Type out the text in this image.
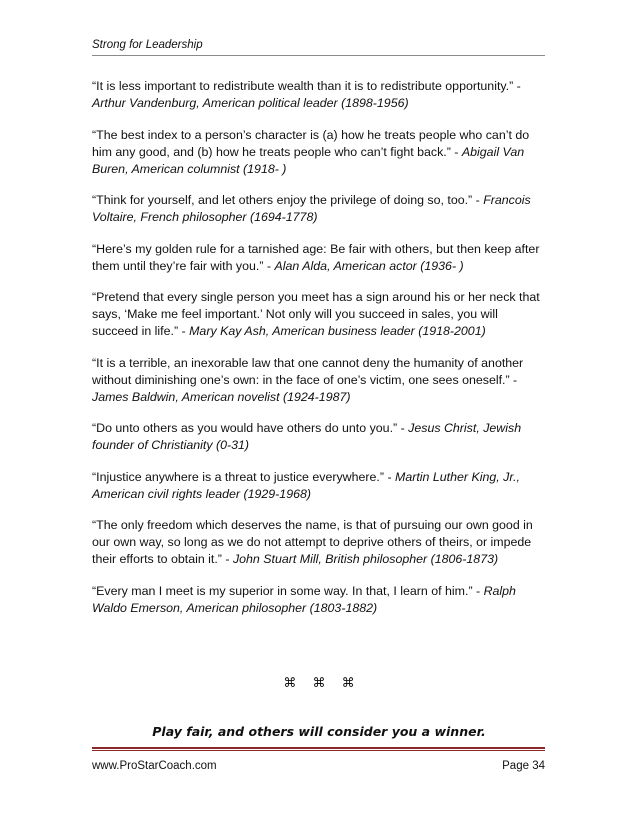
Strong for Leadership

“It is less important to redistribute wealth than it is to redistribute opportunity.” - Arthur Vandenburg, American political leader (1898-1956)

“The best index to a person’s character is (a) how he treats people who can’t do him any good, and (b) how he treats people who can’t fight back.” - Abigail Van Buren, American columnist (1918- )

“Think for yourself, and let others enjoy the privilege of doing so, too.” - Francois Voltaire, French philosopher (1694-1778)

“Here’s my golden rule for a tarnished age: Be fair with others, but then keep after them until they’re fair with you.” - Alan Alda, American actor (1936- )

“Pretend that every single person you meet has a sign around his or her neck that says, ‘Make me feel important.’ Not only will you succeed in sales, you will succeed in life.” - Mary Kay Ash, American business leader (1918-2001)

“It is a terrible, an inexorable law that one cannot deny the humanity of another without diminishing one’s own: in the face of one’s victim, one sees oneself.” - James Baldwin, American novelist (1924-1987)

“Do unto others as you would have others do unto you.” - Jesus Christ, Jewish founder of Christianity (0-31)

“Injustice anywhere is a threat to justice everywhere.” - Martin Luther King, Jr., American civil rights leader (1929-1968)

“The only freedom which deserves the name, is that of pursuing our own good in our own way, so long as we do not attempt to deprive others of theirs, or impede their efforts to obtain it.” - John Stuart Mill, British philosopher (1806-1873)

“Every man I meet is my superior in some way. In that, I learn of him.” - Ralph Waldo Emerson, American philosopher (1803-1882)

⌘ ⌘ ⌘
Play fair, and others will consider you a winner.
www.ProStarCoach.com	Page 34
